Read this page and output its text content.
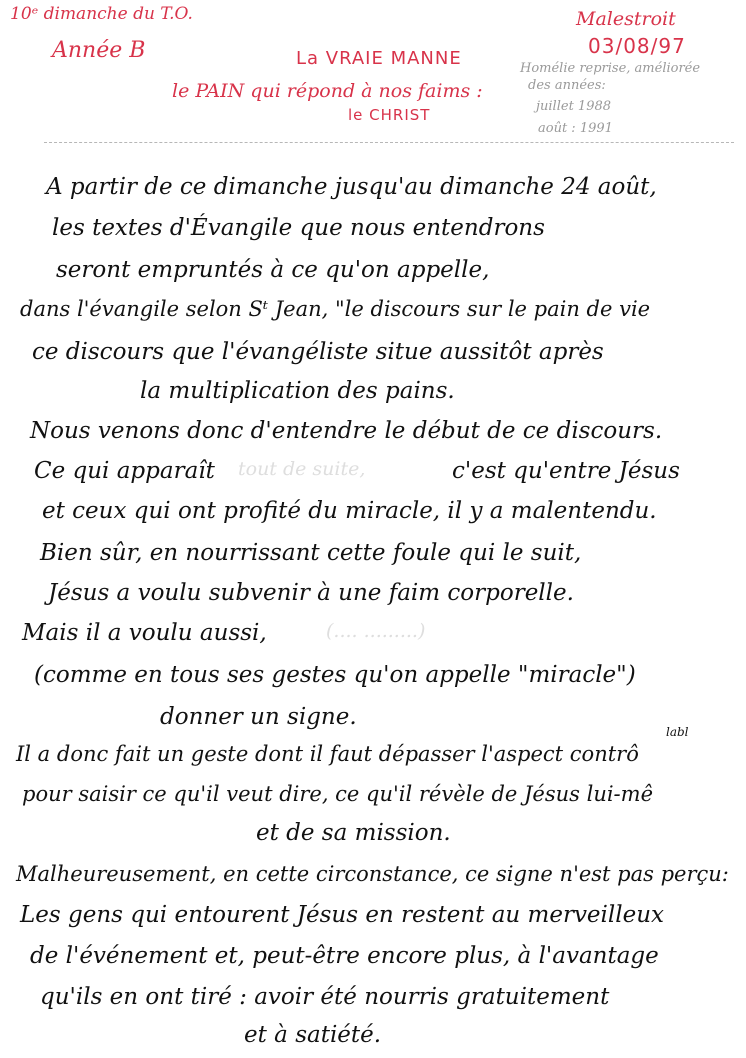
10ᵉ dimanche du T.O.
Année B
Malestroit
03/08/97
La VRAIE MANNE
le PAIN qui répond à nos faims :
le CHRIST
Homélie reprise, améliorée
des années:
juillet 1988
août : 1991
A partir de ce dimanche jusqu'au dimanche 24 août,
les textes d'Évangile que nous entendrons
seront empruntés à ce qu'on appelle,
dans l'évangile selon Sᵗ Jean, "le discours sur le pain de vie
ce discours que l'évangéliste situe aussitôt après
la multiplication des pains.
Nous venons donc d'entendre le début de ce discours.
Ce qui apparaît tout de suite,	c'est qu'entre Jésus
et ceux qui ont profité du miracle, il y a malentendu.
Bien sûr, en nourrissant cette foule qui le suit,
Jésus a voulu subvenir à une faim corporelle.
Mais il a voulu aussi,	(.... .........)
(comme en tous ses gestes qu'on appelle "miracle")
donner un signe.
labl
Il a donc fait un geste dont il faut dépasser l'aspect contrô
pour saisir ce qu'il veut dire, ce qu'il révèle de Jésus lui-mê
et de sa mission.
Malheureusement, en cette circonstance, ce signe n'est pas perçu:
Les gens qui entourent Jésus en restent au merveilleux
de l'événement et, peut-être encore plus, à l'avantage
qu'ils en ont tiré : avoir été nourris gratuitement
et à satiété.
